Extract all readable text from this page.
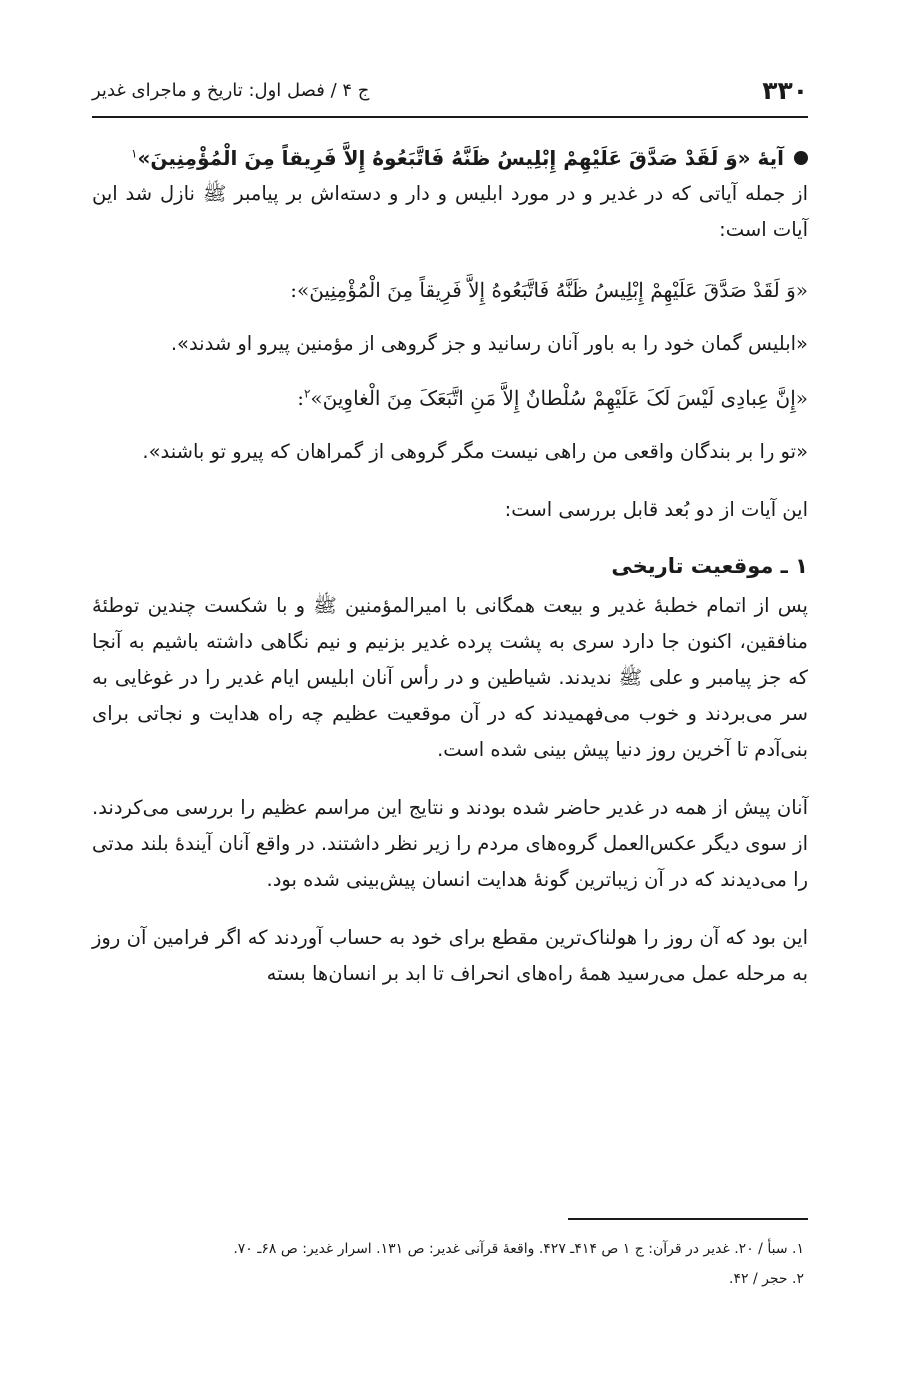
۳۳۰
ج ۴ / فصل اول: تاریخ و ماجرای غدیر
آیهٔ «وَ لَقَدْ صَدَّقَ عَلَیْهِمْ إِبْلِیسُ ظَنَّهُ فَاتَّبَعُوهُ إِلاَّ فَرِیقاً مِنَ الْمُؤْمِنِینَ»$^۱$

از جمله آیاتی که در غدیر و در مورد ابلیس و دار و دسته‌اش بر پیامبر ﷺ نازل شد این آیات است:

«وَ لَقَدْ صَدَّقَ عَلَیْهِمْ إِبْلِیسُ ظَنَّهُ فَاتَّبَعُوهُ إِلاَّ فَرِیقاً مِنَ الْمُؤْمِنِینَ»:

«ابلیس گمان خود را به باور آنان رسانید و جز گروهی از مؤمنین پیرو او شدند».

«إِنَّ عِبادِی لَیْسَ لَکَ عَلَیْهِمْ سُلْطانٌ إِلاَّ مَنِ اتَّبَعَکَ مِنَ الْغاوِینَ»$^۲$:

«تو را بر بندگان واقعی من راهی نیست مگر گروهی از گمراهان که پیرو تو باشند».

این آیات از دو بُعد قابل بررسی است:

۱ ـ موقعیت تاریخی

پس از اتمام خطبهٔ غدیر و بیعت همگانی با امیرالمؤمنین ﷺ و با شکست چندین توطئهٔ منافقین، اکنون جا دارد سری به پشت پرده غدیر بزنیم و نیم نگاهی داشته باشیم به آنجا که جز پیامبر و علی ﷺ ندیدند. شیاطین و در رأس آنان ابلیس ایام غدیر را در غوغایی به سر می‌بردند و خوب می‌فهمیدند که در آن موقعیت عظیم چه راه هدایت و نجاتی برای بنی‌آدم تا آخرین روز دنیا پیش بینی شده است.

آنان پیش از همه در غدیر حاضر شده بودند و نتایج این مراسم عظیم را بررسی می‌کردند. از سوی دیگر عکس‌العمل گروه‌های مردم را زیر نظر داشتند. در واقع آنان آیندهٔ بلند مدتی را می‌دیدند که در آن زیباترین گونهٔ هدایت انسان پیش‌بینی شده بود.

این بود که آن روز را هولناک‌ترین مقطع برای خود به حساب آوردند که اگر فرامین آن روز به مرحله عمل می‌رسید همهٔ راه‌های انحراف تا ابد بر انسان‌ها بسته

۱. سبأ / ۲۰. غدیر در قرآن: ج ۱ ص ۴۱۴ـ ۴۲۷. واقعهٔ قرآنی غدیر: ص ۱۳۱. اسرار غدیر: ص ۶۸ـ ۷۰.
۲. حجر / ۴۲.
